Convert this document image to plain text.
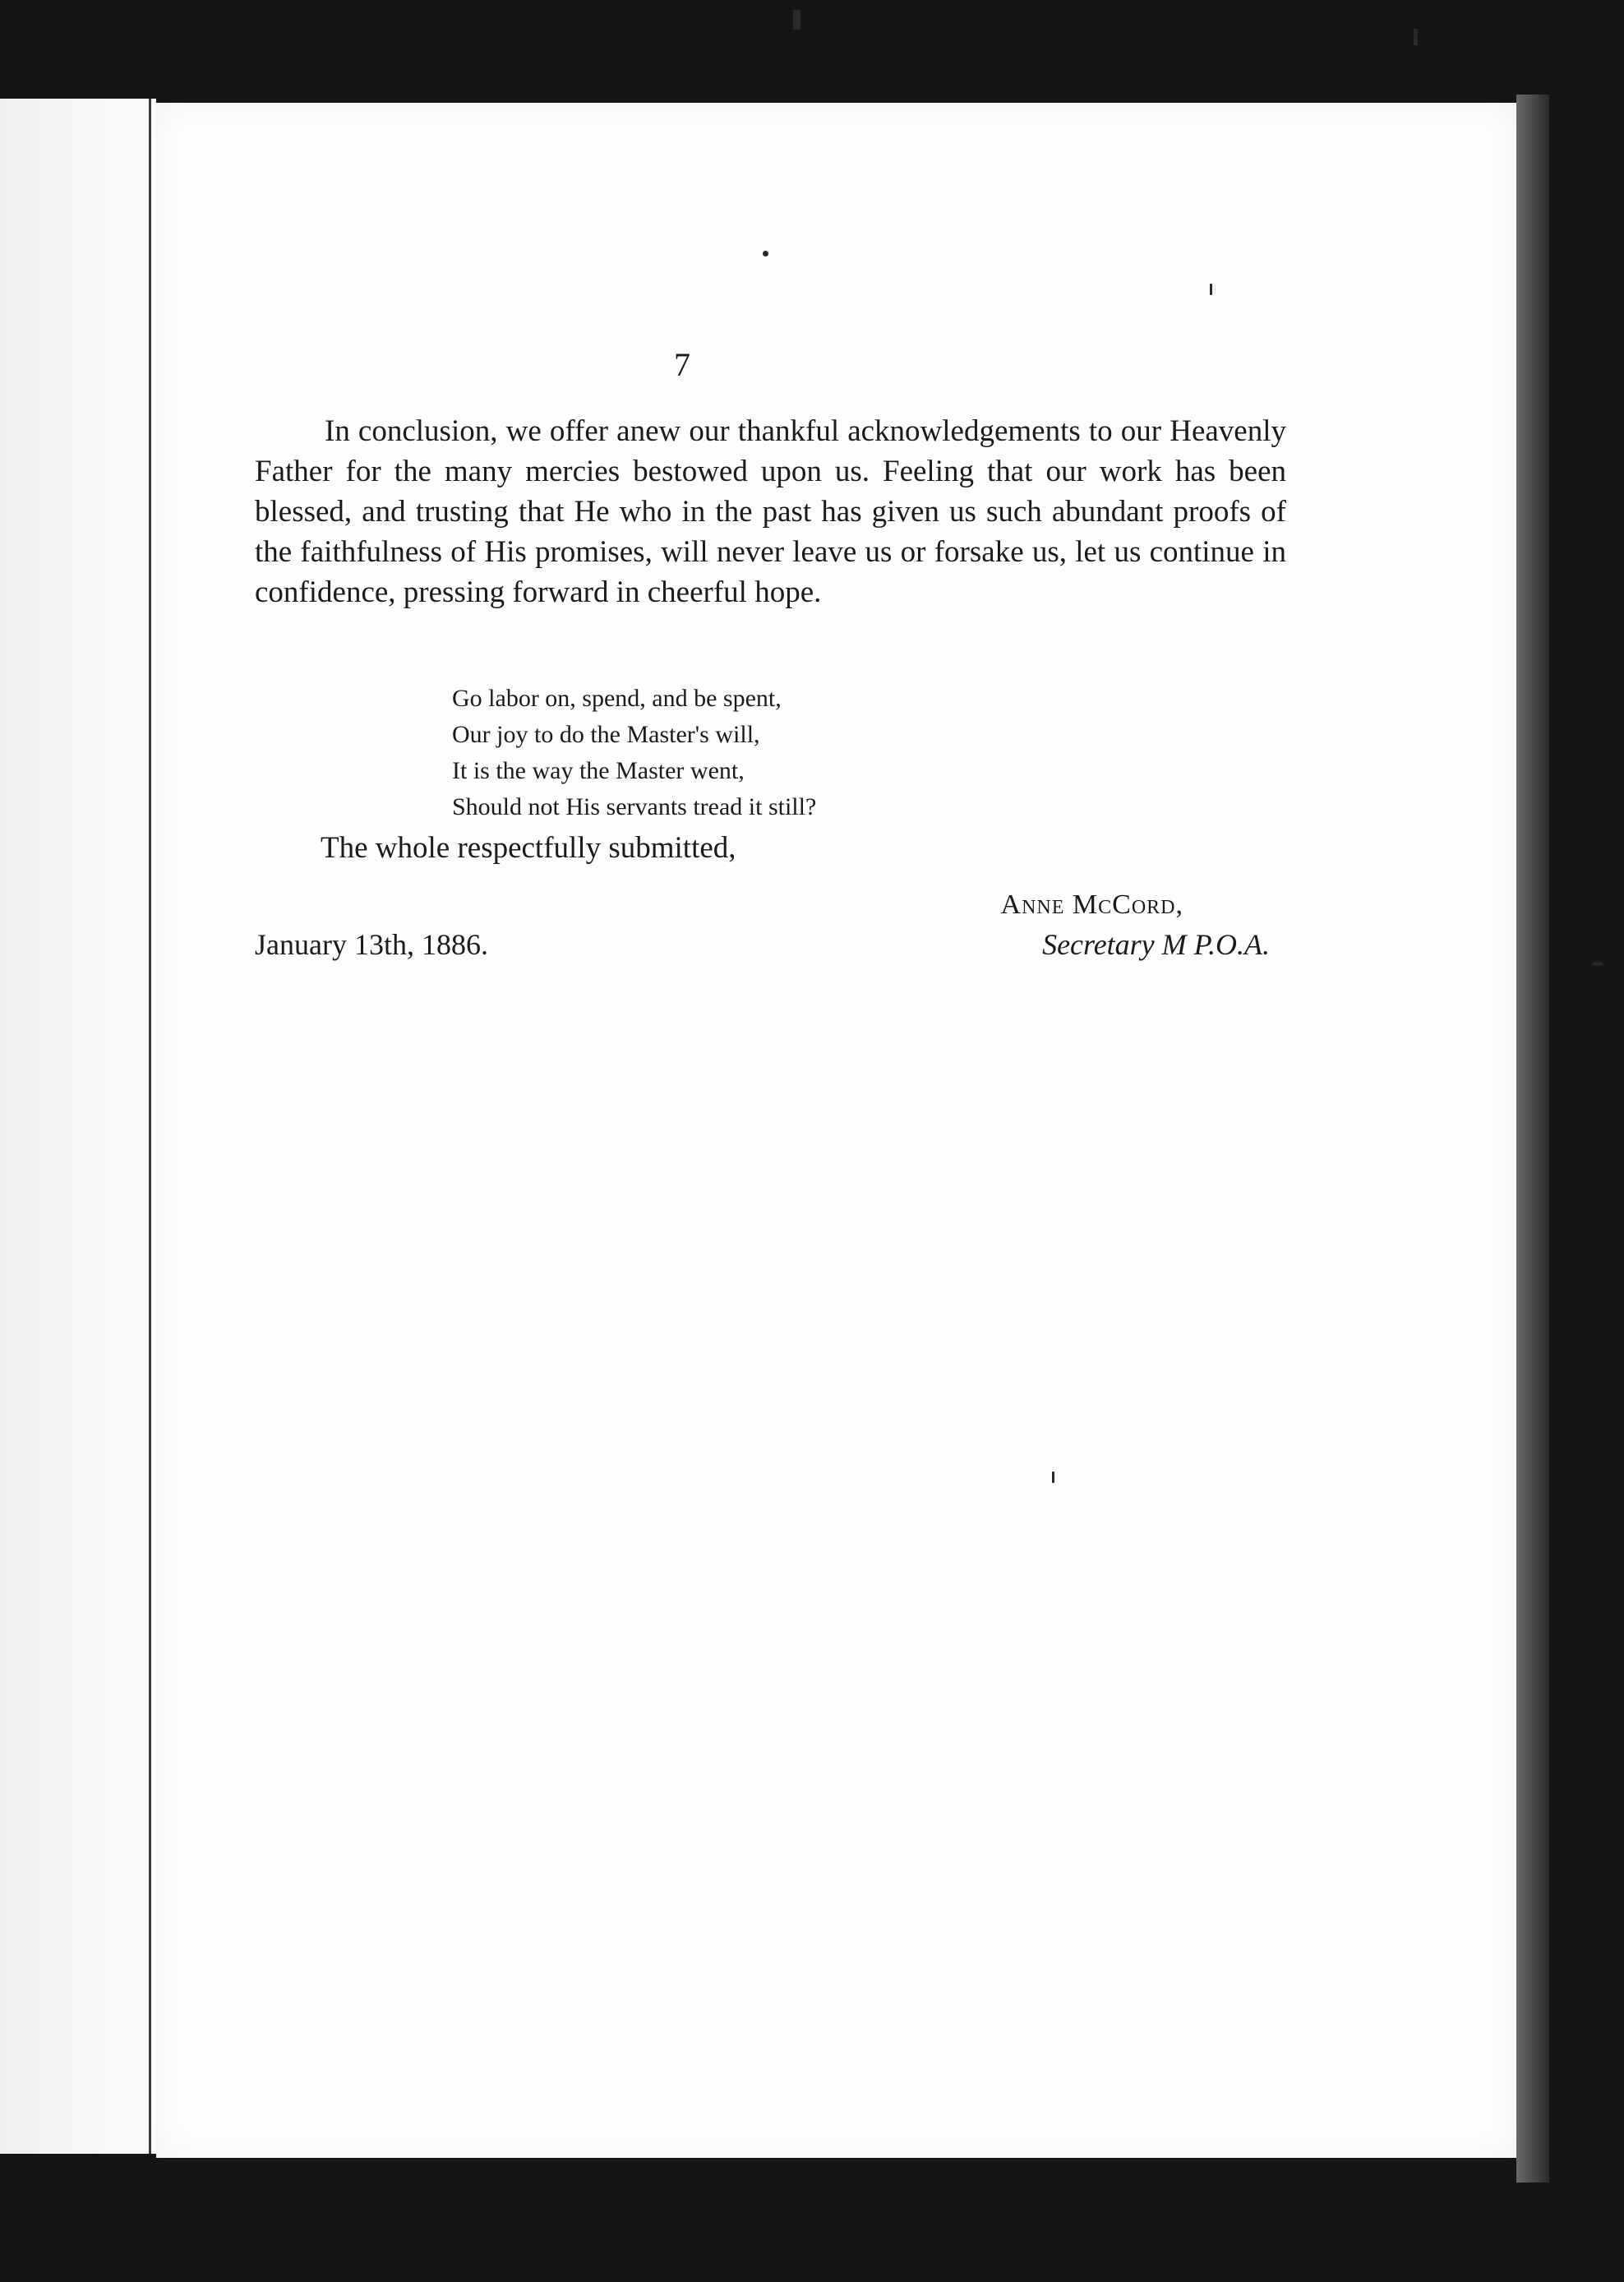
7

In conclusion, we offer anew our thankful acknowledgements to our Heavenly Father for the many mercies bestowed upon us. Feeling that our work has been blessed, and trusting that He who in the past has given us such abundant proofs of the faithfulness of His promises, will never leave us or forsake us, let us continue in confidence, pressing forward in cheerful hope.

Go labor on, spend, and be spent,
Our joy to do the Master's will,
It is the way the Master went,
Should not His servants tread it still?
The whole respectfully submitted,
Anne McCord,
January 13th, 1886.	Secretary M P.O.A.
